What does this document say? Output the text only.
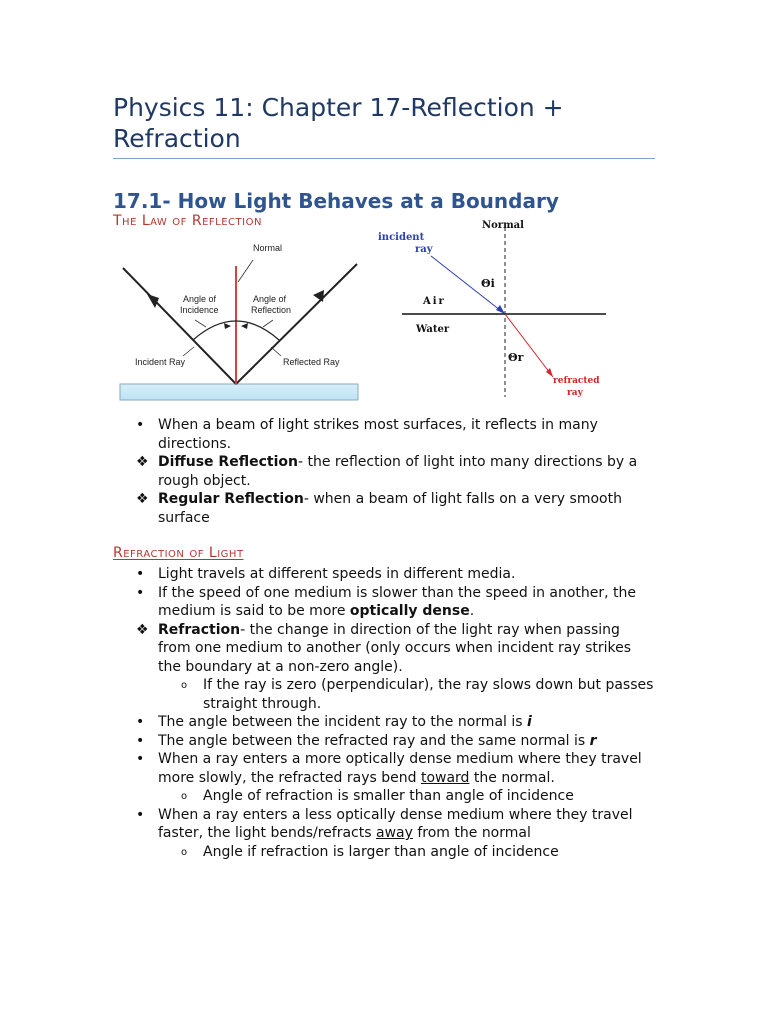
Physics 11: Chapter 17-Reflection + Refraction
17.1- How Light Behaves at a Boundary
The Law of Reflection
Normal
Angle of
Incidence
Angle of
Reflection
Incident Ray	Reflected Ray
Normal
incident
ray
Θi
Air
Water
Θr
refracted
ray
• When a beam of light strikes most surfaces, it reflects in many directions.
❖ Diffuse Reflection- the reflection of light into many directions by a rough object.
❖ Regular Reflection- when a beam of light falls on a very smooth surface
Refraction of Light
• Light travels at different speeds in different media.
• If the speed of one medium is slower than the speed in another, the medium is said to be more optically dense.
❖ Refraction- the change in direction of the light ray when passing from one medium to another (only occurs when incident ray strikes the boundary at a non-zero angle).
o	If the ray is zero (perpendicular), the ray slows down but passes straight through.
• The angle between the incident ray to the normal is i
• The angle between the refracted ray and the same normal is r
• When a ray enters a more optically dense medium where they travel more slowly, the refracted rays bend toward the normal.
o	Angle of refraction is smaller than angle of incidence
• When a ray enters a less optically dense medium where they travel faster, the light bends/refracts away from the normal
o	Angle if refraction is larger than angle of incidence
